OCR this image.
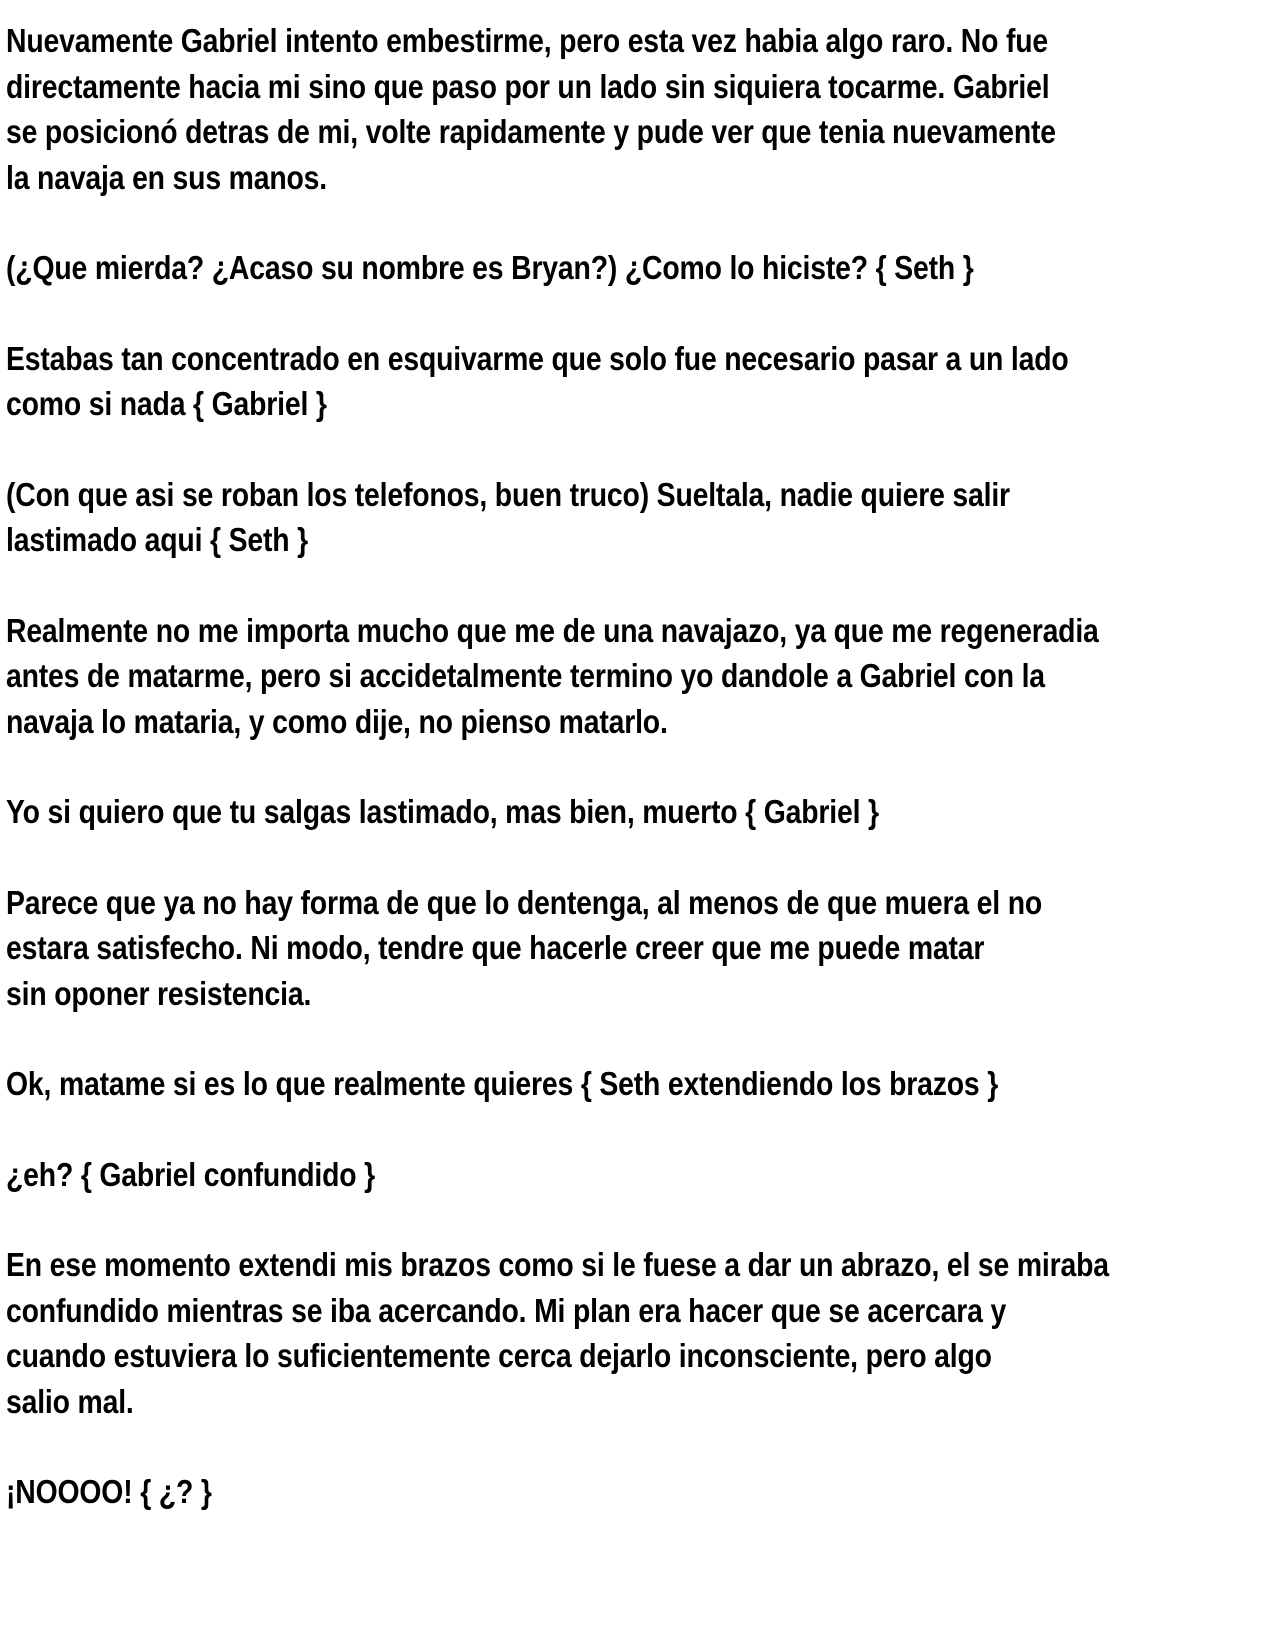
Nuevamente Gabriel intento embestirme, pero esta vez habia algo raro. No fue
directamente hacia mi sino que paso por un lado sin siquiera tocarme. Gabriel
se posicionó detras de mi, volte rapidamente y pude ver que tenia nuevamente
la navaja en sus manos.

(¿Que mierda? ¿Acaso su nombre es Bryan?) ¿Como lo hiciste? { Seth }

Estabas tan concentrado en esquivarme que solo fue necesario pasar a un lado
como si nada { Gabriel }

(Con que asi se roban los telefonos, buen truco) Sueltala, nadie quiere salir
lastimado aqui { Seth }

Realmente no me importa mucho que me de una navajazo, ya que me regeneradia
antes de matarme, pero si accidetalmente termino yo dandole a Gabriel con la
navaja lo mataria, y como dije, no pienso matarlo.

Yo si quiero que tu salgas lastimado, mas bien, muerto { Gabriel }

Parece que ya no hay forma de que lo dentenga, al menos de que muera el no
estara satisfecho. Ni modo, tendre que hacerle creer que me puede matar
sin oponer resistencia.

Ok, matame si es lo que realmente quieres { Seth extendiendo los brazos }

¿eh? { Gabriel confundido }

En ese momento extendi mis brazos como si le fuese a dar un abrazo, el se miraba
confundido mientras se iba acercando. Mi plan era hacer que se acercara y
cuando estuviera lo suficientemente cerca dejarlo inconsciente, pero algo
salio mal.

¡NOOOO! { ¿? }
